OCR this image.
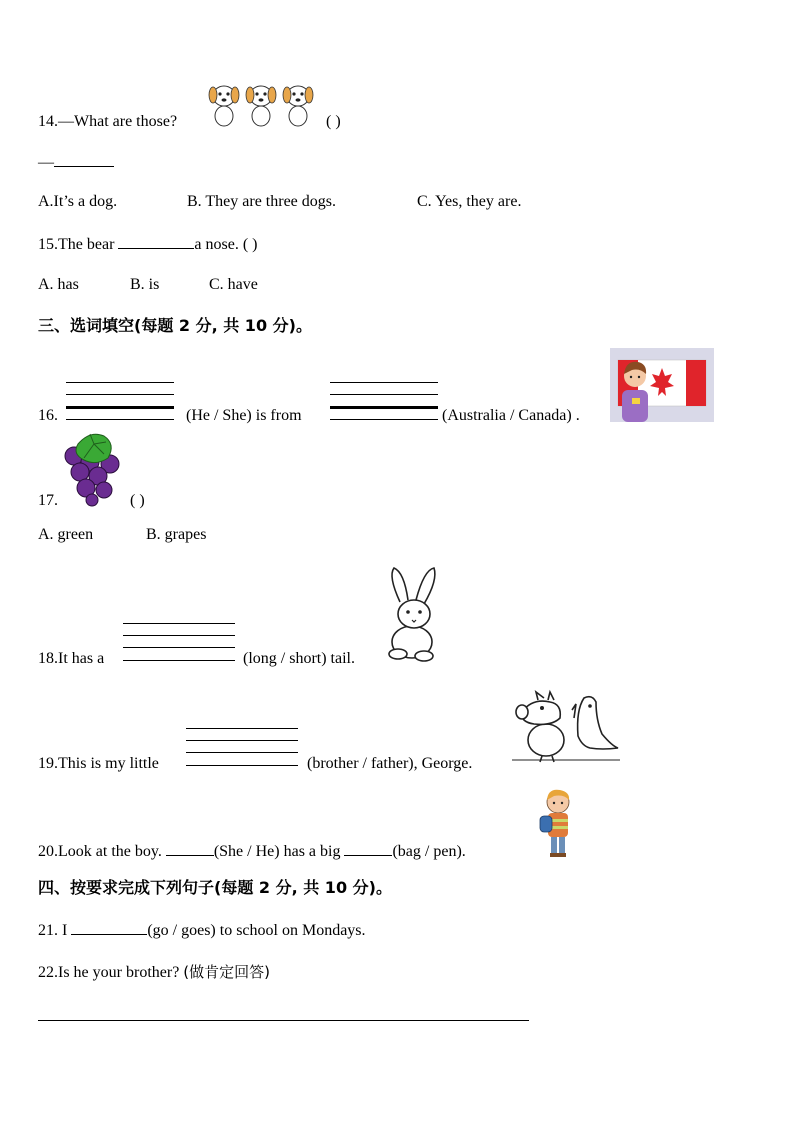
14.—What are those?	( )
—
A.It’s a dog.	B. They are three dogs.	C. Yes, they are.
15.The bear	a nose. ( )
A. has	B. is	C. have
三、选词填空(每题 2 分, 共 10 分)。
16.	(He / She) is from	(Australia / Canada) .
17.	( )
A. green	B. grapes
18.It has a	(long / short) tail.
19.This is my little	(brother / father), George.
20.Look at the boy.	(She / He) has a big	(bag / pen).
四、按要求完成下列句子(每题 2 分, 共 10 分)。
21. I	(go / goes) to school on Mondays.
22.Is he your brother? (做肯定回答)
